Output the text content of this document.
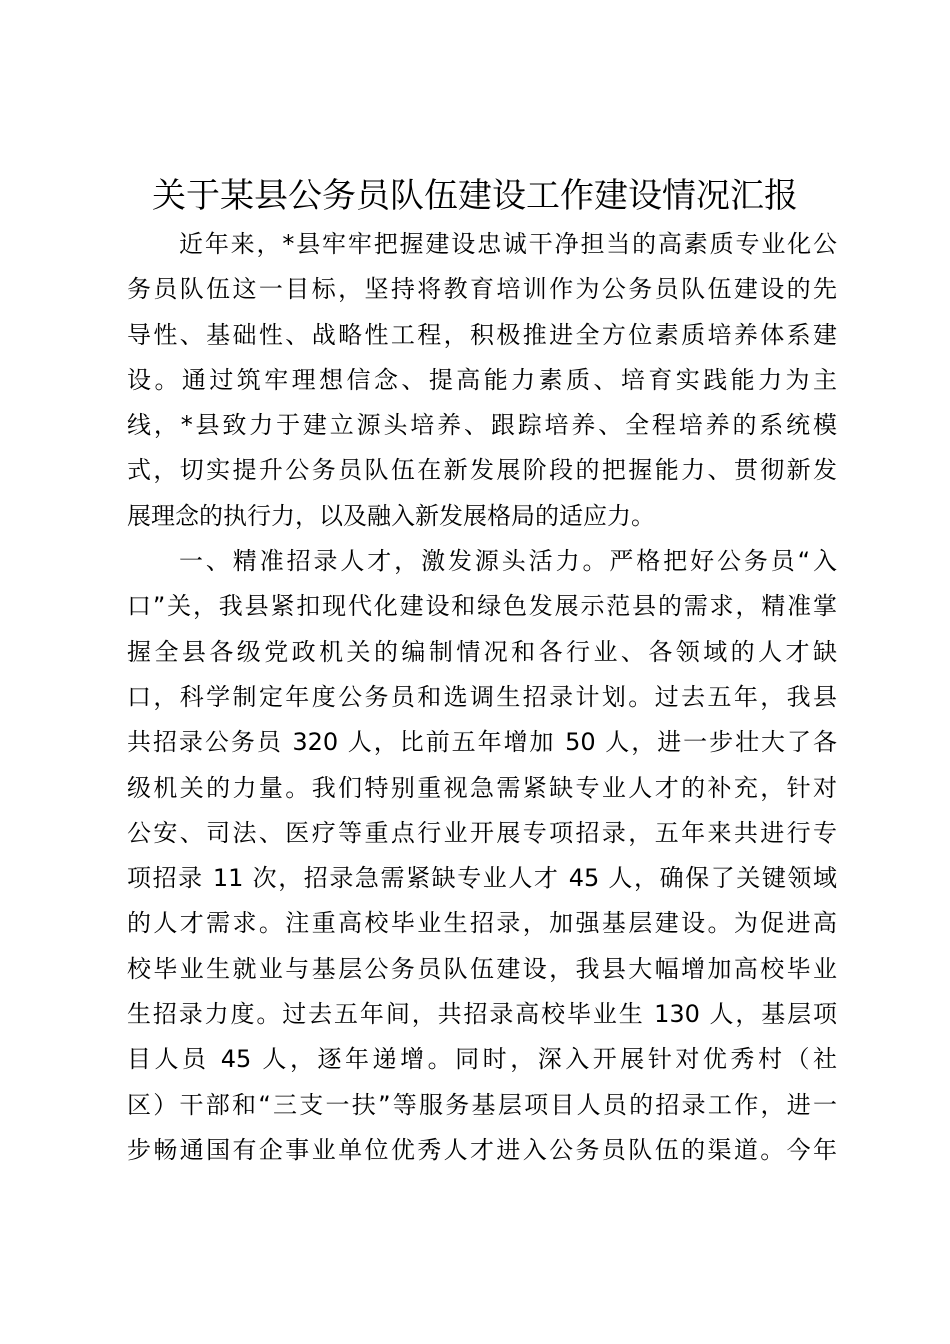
关于某县公务员队伍建设工作建设情况汇报
近年来，*县牢牢把握建设忠诚干净担当的高素质专业化公
务员队伍这一目标，坚持将教育培训作为公务员队伍建设的先
导性、基础性、战略性工程，积极推进全方位素质培养体系建
设。通过筑牢理想信念、提高能力素质、培育实践能力为主
线，*县致力于建立源头培养、跟踪培养、全程培养的系统模
式，切实提升公务员队伍在新发展阶段的把握能力、贯彻新发
展理念的执行力，以及融入新发展格局的适应力。
一、精准招录人才，激发源头活力。严格把好公务员“入
口”关，我县紧扣现代化建设和绿色发展示范县的需求，精准掌
握全县各级党政机关的编制情况和各行业、各领域的人才缺
口，科学制定年度公务员和选调生招录计划。过去五年，我县
共招录公务员 320 人，比前五年增加 50 人，进一步壮大了各
级机关的力量。我们特别重视急需紧缺专业人才的补充，针对
公安、司法、医疗等重点行业开展专项招录，五年来共进行专
项招录 11 次，招录急需紧缺专业人才 45 人，确保了关键领域
的人才需求。注重高校毕业生招录，加强基层建设。为促进高
校毕业生就业与基层公务员队伍建设，我县大幅增加高校毕业
生招录力度。过去五年间，共招录高校毕业生 130 人，基层项
目人员 45 人，逐年递增。同时，深入开展针对优秀村（社
区）干部和“三支一扶”等服务基层项目人员的招录工作，进一
步畅通国有企事业单位优秀人才进入公务员队伍的渠道。今年
